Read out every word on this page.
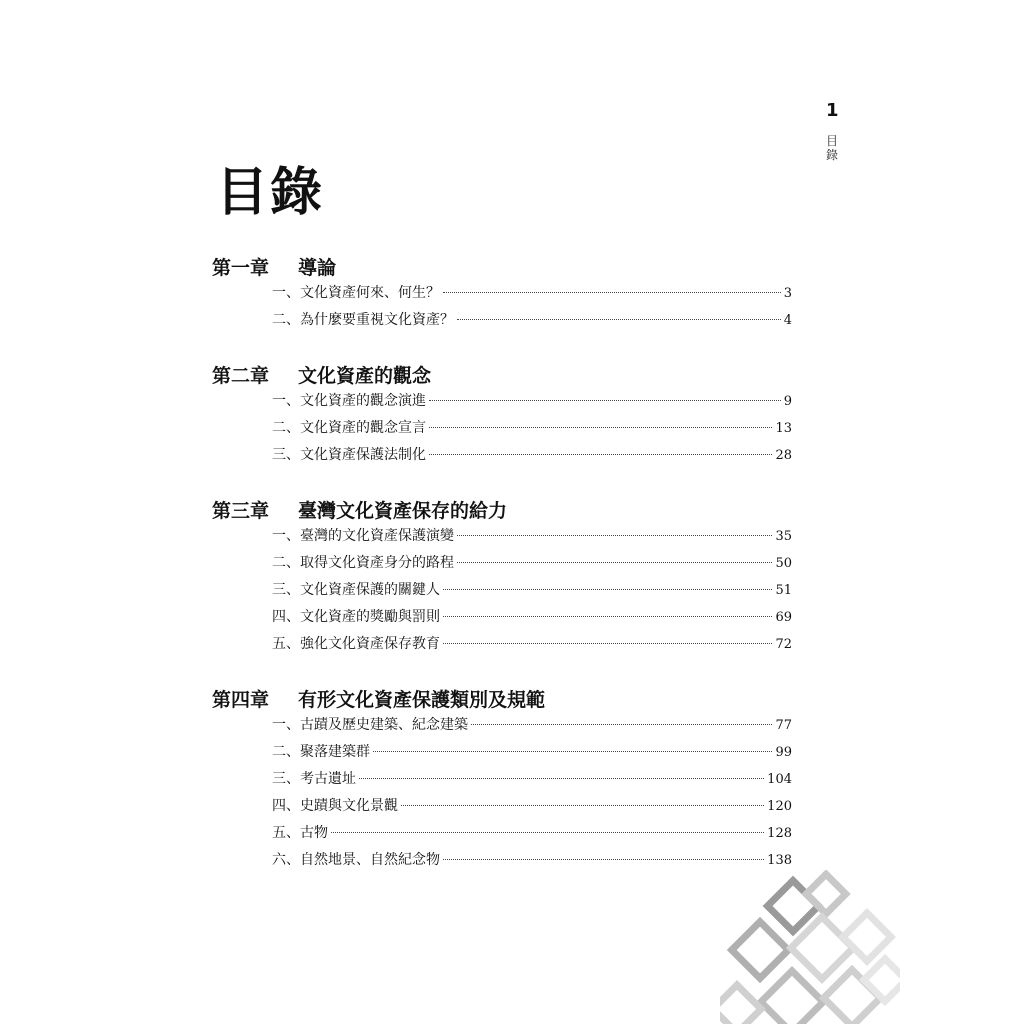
1
目錄
目錄
第一章	導論
一、文化資產何來、何生？	3
二、為什麼要重視文化資產？	4
第二章	文化資產的觀念
一、文化資產的觀念演進	9
二、文化資產的觀念宣言	13
三、文化資產保護法制化	28
第三章	臺灣文化資產保存的給力
一、臺灣的文化資產保護演變	35
二、取得文化資產身分的路程	50
三、文化資產保護的關鍵人	51
四、文化資產的獎勵與罰則	69
五、強化文化資產保存教育	72
第四章	有形文化資產保護類別及規範
一、古蹟及歷史建築、紀念建築	77
二、聚落建築群	99
三、考古遺址	104
四、史蹟與文化景觀	120
五、古物	128
六、自然地景、自然紀念物	138
